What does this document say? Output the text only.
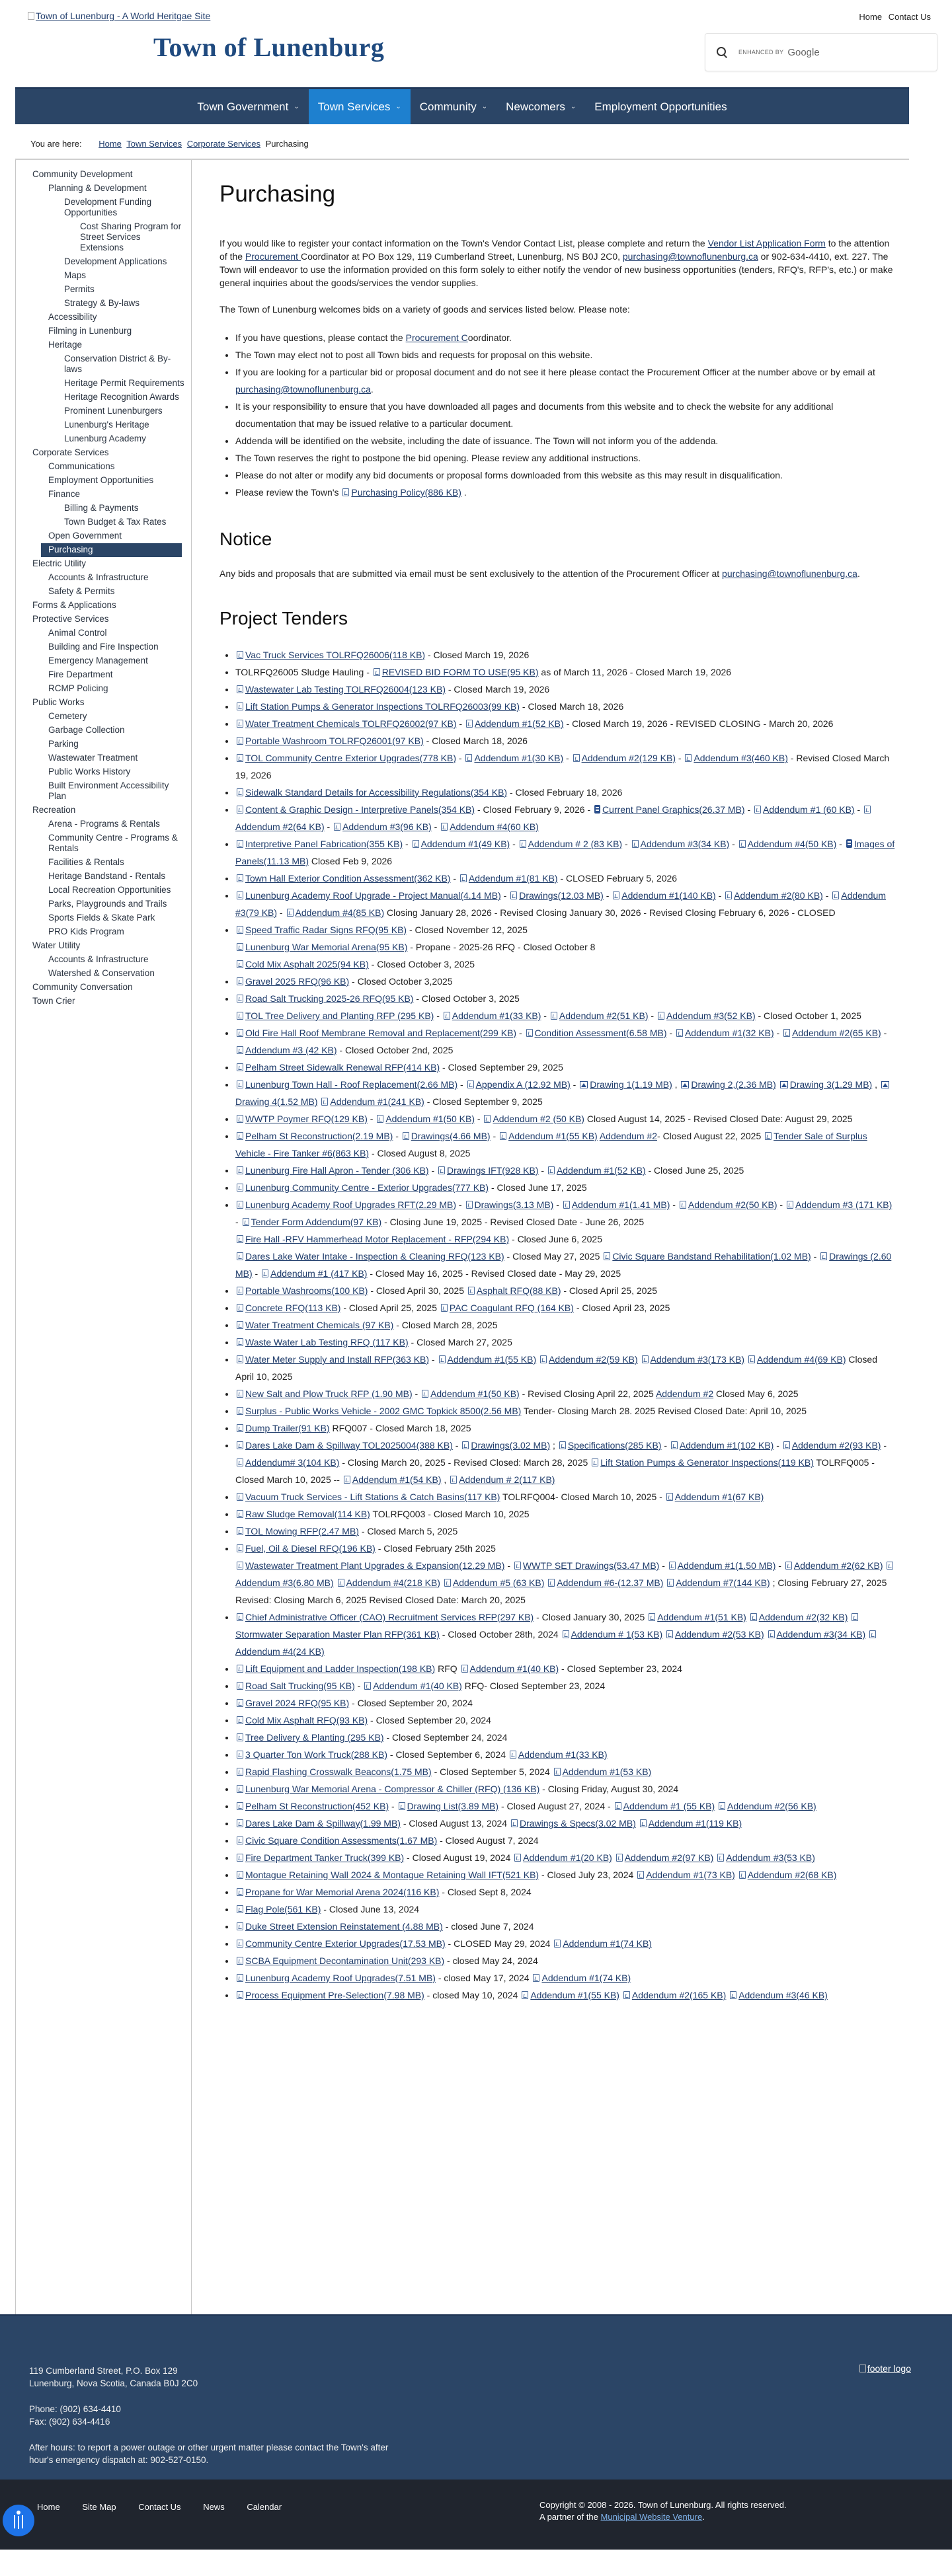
Town of Lunenburg - A World Heritgae Site
Town of Lunenburg
Home Contact Us
ENHANCED BY Google
Town Government ⌄ Town Services ⌄ Community ⌄ Newcomers ⌄ Employment Opportunities
You are here: Home Town Services Corporate Services Purchasing
Community Development
Planning & Development
Development Funding Opportunities
Cost Sharing Program for Street Services Extensions
Development Applications
Maps
Permits
Strategy & By-laws
Accessibility
Filming in Lunenburg
Heritage
Conservation District & By-laws
Heritage Permit Requirements
Heritage Recognition Awards
Prominent Lunenburgers
Lunenburg's Heritage
Lunenburg Academy
Corporate Services
Communications
Employment Opportunities
Finance
Billing & Payments
Town Budget & Tax Rates
Open Government
Purchasing
Electric Utility
Accounts & Infrastructure
Safety & Permits
Forms & Applications
Protective Services
Animal Control
Building and Fire Inspection
Emergency Management
Fire Department
RCMP Policing
Public Works
Cemetery
Garbage Collection
Parking
Wastewater Treatment
Public Works History
Built Environment Accessibility Plan
Recreation
Arena - Programs & Rentals
Community Centre - Programs & Rentals
Facilities & Rentals
Heritage Bandstand - Rentals
Local Recreation Opportunities
Parks, Playgrounds and Trails
Sports Fields & Skate Park
PRO Kids Program
Water Utility
Accounts & Infrastructure
Watershed & Conservation
Community Conversation
Town Crier
Purchasing

If you would like to register your contact information on the Town's Vendor Contact List, please complete and return the Vendor List Application Form to the attention of the Procurement Coordinator at PO Box 129, 119 Cumberland Street, Lunenburg, NS B0J 2C0, purchasing@townoflunenburg.ca or 902-634-4410, ext. 227. The Town will endeavor to use the information provided on this form solely to either notify the vendor of new business opportunities (tenders, RFQ's, RFP's, etc.) or make general inquiries about the goods/services the vendor supplies.

The Town of Lunenburg welcomes bids on a variety of goods and services listed below. Please note:

• If you have questions, please contact the Procurement Coordinator.
• The Town may elect not to post all Town bids and requests for proposal on this website.
• If you are looking for a particular bid or proposal document and do not see it here please contact the Procurement Officer at the number above or by email at purchasing@townoflunenburg.ca.
• It is your responsibility to ensure that you have downloaded all pages and documents from this website and to check the website for any additional documentation that may be issued relative to a particular document.
• Addenda will be identified on the website, including the date of issuance. The Town will not inform you of the addenda.
• The Town reserves the right to postpone the bid opening. Please review any additional instructions.
• Please do not alter or modify any bid documents or proposal forms downloaded from this website as this may result in disqualification.
• Please review the Town's Purchasing Policy(886 KB) .
Notice

Any bids and proposals that are submitted via email must be sent exclusively to the attention of the Procurement Officer at purchasing@townoflunenburg.ca.

Project Tenders
• Vac Truck Services TOLRFQ26006(118 KB) - Closed March 19, 2026
• TOLRFQ26005 Sludge Hauling - REVISED BID FORM TO USE(95 KB) as of March 11, 2026 - Closed March 19, 2026
• Wastewater Lab Testing TOLRFQ26004(123 KB) - Closed March 19, 2026
• Lift Station Pumps & Generator Inspections TOLRFQ26003(99 KB) - Closed March 18, 2026
• Water Treatment Chemicals TOLRFQ26002(97 KB) - Addendum #1(52 KB) - Closed March 19, 2026 - REVISED CLOSING - March 20, 2026
• Portable Washroom TOLRFQ26001(97 KB) - Closed March 18, 2026
• TOL Community Centre Exterior Upgrades(778 KB) - Addendum #1(30 KB) - Addendum #2(129 KB) - Addendum #3(460 KB) - Revised Closed March 19, 2026
• Sidewalk Standard Details for Accessibility Regulations(354 KB) - Closed February 18, 2026
• Content & Graphic Design - Interpretive Panels(354 KB) - Closed February 9, 2026 - Current Panel Graphics(26.37 MB) - Addendum #1 (60 KB) - Addendum #2(64 KB) - Addendum #3(96 KB) - Addendum #4(60 KB)
• Interpretive Panel Fabrication(355 KB) - Addendum #1(49 KB) - Addendum # 2 (83 KB) - Addendum #3(34 KB) - Addendum #4(50 KB) - Images of Panels(11.13 MB) Closed Feb 9, 2026
• Town Hall Exterior Condition Assessment(362 KB) - Addendum #1(81 KB) - CLOSED February 5, 2026
• Lunenburg Academy Roof Upgrade - Project Manual(4.14 MB) - Drawings(12.03 MB) - Addendum #1(140 KB) - Addendum #2(80 KB) - Addendum #3(79 KB) - Addendum #4(85 KB) Closing January 28, 2026 - Revised Closing January 30, 2026 - Revised Closing February 6, 2026 - CLOSED
• Speed Traffic Radar Signs RFQ(95 KB) - Closed November 12, 2025
Lunenburg War Memorial Arena(95 KB) - Propane - 2025-26 RFQ - Closed October 8
Cold Mix Asphalt 2025(94 KB) - Closed October 3, 2025
• Gravel 2025 RFQ(96 KB) - Closed October 3,2025
• Road Salt Trucking 2025-26 RFQ(95 KB) - Closed October 3, 2025
TOL Tree Delivery and Planting RFP (295 KB) - Addendum #1(33 KB) - Addendum #2(51 KB) - Addendum #3(52 KB) - Closed October 1, 2025
• Old Fire Hall Roof Membrane Removal and Replacement(299 KB) - Condition Assessment(6.58 MB) - Addendum #1(32 KB) - Addendum #2(65 KB) - Addendum #3 (42 KB) - Closed October 2nd, 2025
• Pelham Street Sidewalk Renewal RFP(414 KB) - Closed September 29, 2025
• Lunenburg Town Hall - Roof Replacement(2.66 MB) - Appendix A (12.92 MB) - Drawing 1(1.19 MB) , Drawing 2,(2.36 MB) Drawing 3(1.29 MB) , Drawing 4(1.52 MB) Addendum #1(241 KB) - Closed September 9, 2025
• WWTP Poymer RFQ(129 KB) - Addendum #1(50 KB) - Addendum #2 (50 KB) Closed August 14, 2025 - Revised Closed Date: August 29, 2025
• Pelham St Reconstruction(2.19 MB) - Drawings(4.66 MB) - Addendum #1(55 KB) Addendum #2- Closed August 22, 2025 Tender Sale of Surplus Vehicle - Fire Tanker #6(863 KB) - Closed August 8, 2025
• Lunenburg Fire Hall Apron - Tender (306 KB) - Drawings IFT(928 KB) - Addendum #1(52 KB) - Closed June 25, 2025
• Lunenburg Community Centre - Exterior Upgrades(777 KB) - Closed June 17, 2025
• Lunenburg Academy Roof Upgrades RFT(2.29 MB) - Drawings(3.13 MB) - Addendum #1(1.41 MB) - Addendum #2(50 KB) - Addendum #3 (171 KB) - Tender Form Addendum(97 KB) - Closing June 19, 2025 - Revised Closed Date - June 26, 2025
Fire Hall -RFV Hammerhead Motor Replacement - RFP(294 KB) - Closed June 6, 2025
Dares Lake Water Intake - Inspection & Cleaning RFQ(123 KB) - Closed May 27, 2025 Civic Square Bandstand Rehabilitation(1.02 MB) - Drawings (2.60 MB) - Addendum #1 (417 KB) - Closed May 16, 2025 - Revised Closed date - May 29, 2025
• Portable Washrooms(100 KB) - Closed April 30, 2025 Asphalt RFQ(88 KB) - Closed April 25, 2025
• Concrete RFQ(113 KB) - Closed April 25, 2025 PAC Coagulant RFQ (164 KB) - Closed April 23, 2025
• Water Treatment Chemicals (97 KB) - Closed March 28, 2025
• Waste Water Lab Testing RFQ (117 KB) - Closed March 27, 2025
• Water Meter Supply and Install RFP(363 KB) - Addendum #1(55 KB) Addendum #2(59 KB) Addendum #3(173 KB) Addendum #4(69 KB) Closed April 10, 2025
• New Salt and Plow Truck RFP (1.90 MB) - Addendum #1(50 KB) - Revised Closing April 22, 2025 Addendum #2 Closed May 6, 2025
• Surplus - Public Works Vehicle - 2002 GMC Topkick 8500(2.56 MB) Tender- Closing March 28. 2025 Revised Closed Date: April 10, 2025
• Dump Trailer(91 KB) RFQ007 - Closed March 18, 2025
• Dares Lake Dam & Spillway TOL2025004(388 KB) - Drawings(3.02 MB) ; Specifications(285 KB) - Addendum #1(102 KB) - Addendum #2(93 KB) - Addendum# 3(104 KB) - Closing March 20, 2025 - Revised Closed: March 28, 2025 Lift Station Pumps & Generator Inspections(119 KB) TOLRFQ005 - Closed March 10, 2025 -- Addendum #1(54 KB) , Addendum # 2(117 KB)
• Vacuum Truck Services - Lift Stations & Catch Basins(117 KB) TOLRFQ004- Closed March 10, 2025 - Addendum #1(67 KB)
• Raw Sludge Removal(114 KB) TOLRFQ003 - Closed March 10, 2025
• TOL Mowing RFP(2.47 MB) - Closed March 5, 2025
• Fuel, Oil & Diesel RFQ(196 KB) - Closed February 25th 2025
Wastewater Treatment Plant Upgrades & Expansion(12.29 MB) - WWTP SET Drawings(53.47 MB) - Addendum #1(1.50 MB) - Addendum #2(62 KB) Addendum #3(6.80 MB) Addendum #4(218 KB) Addendum #5 (63 KB) Addendum #6-(12.37 MB) Addendum #7(144 KB) ; Closing February 27, 2025 Revised: Closing March 6, 2025 Revised Closed Date: March 20, 2025
• Chief Administrative Officer (CAO) Recruitment Services RFP(297 KB) - Closed January 30, 2025 Addendum #1(51 KB) Addendum #2(32 KB) Stormwater Separation Master Plan RFP(361 KB) - Closed October 28th, 2024 Addendum # 1(53 KB) Addendum #2(53 KB) Addendum #3(34 KB) Addendum #4(24 KB)
• Lift Equipment and Ladder Inspection(198 KB) RFQ Addendum #1(40 KB) - Closed September 23, 2024
• Road Salt Trucking(95 KB) - Addendum #1(40 KB) RFQ- Closed September 23, 2024
• Gravel 2024 RFQ(95 KB) - Closed September 20, 2024
• Cold Mix Asphalt RFQ(93 KB) - Closed September 20, 2024
• Tree Delivery & Planting (295 KB) - Closed September 24, 2024
• 3 Quarter Ton Work Truck(288 KB) - Closed September 6, 2024 Addendum #1(33 KB)
• Rapid Flashing Crosswalk Beacons(1.75 MB) - Closed September 5, 2024 Addendum #1(53 KB)
• Lunenburg War Memorial Arena - Compressor & Chiller (RFQ) (136 KB) - Closing Friday, August 30, 2024
• Pelham St Reconstruction(452 KB) - Drawing List(3.89 MB) - Closed August 27, 2024 - Addendum #1 (55 KB) Addendum #2(56 KB)
• Dares Lake Dam & Spillway(1.99 MB) - Closed August 13, 2024 Drawings & Specs(3.02 MB) Addendum #1(119 KB)
• Civic Square Condition Assessments(1.67 MB) - Closed August 7, 2024
• Fire Department Tanker Truck(399 KB) - Closed August 19, 2024 Addendum #1(20 KB) Addendum #2(97 KB) Addendum #3(53 KB)
• Montague Retaining Wall 2024 & Montague Retaining Wall IFT(521 KB) - Closed July 23, 2024 Addendum #1(73 KB) Addendum #2(68 KB)
• Propane for War Memorial Arena 2024(116 KB) - Closed Sept 8, 2024
• Flag Pole(561 KB) - Closed June 13, 2024
• Duke Street Extension Reinstatement (4.88 MB) - closed June 7, 2024
• Community Centre Exterior Upgrades(17.53 MB) - CLOSED May 29, 2024 Addendum #1(74 KB)
• SCBA Equipment Decontamination Unit(293 KB) - closed May 24, 2024
• Lunenburg Academy Roof Upgrades(7.51 MB) - closed May 17, 2024 Addendum #1(74 KB)
• Process Equipment Pre-Selection(7.98 MB) - closed May 10, 2024 Addendum #1(55 KB) Addendum #2(165 KB) Addendum #3(46 KB)

119 Cumberland Street, P.O. Box 129
Lunenburg, Nova Scotia, Canada B0J 2C0

Phone: (902) 634-4410
Fax: (902) 634-4416

After hours: to report a power outage or other urgent matter please contact the Town's after hour's emergency dispatch at: 902-527-0150.

footer logo
Home	Site Map	Contact Us	News	Calendar	Copyright © 2008 - 2026. Town of Lunenburg. All rights reserved.
A partner of the Municipal Website Venture.
